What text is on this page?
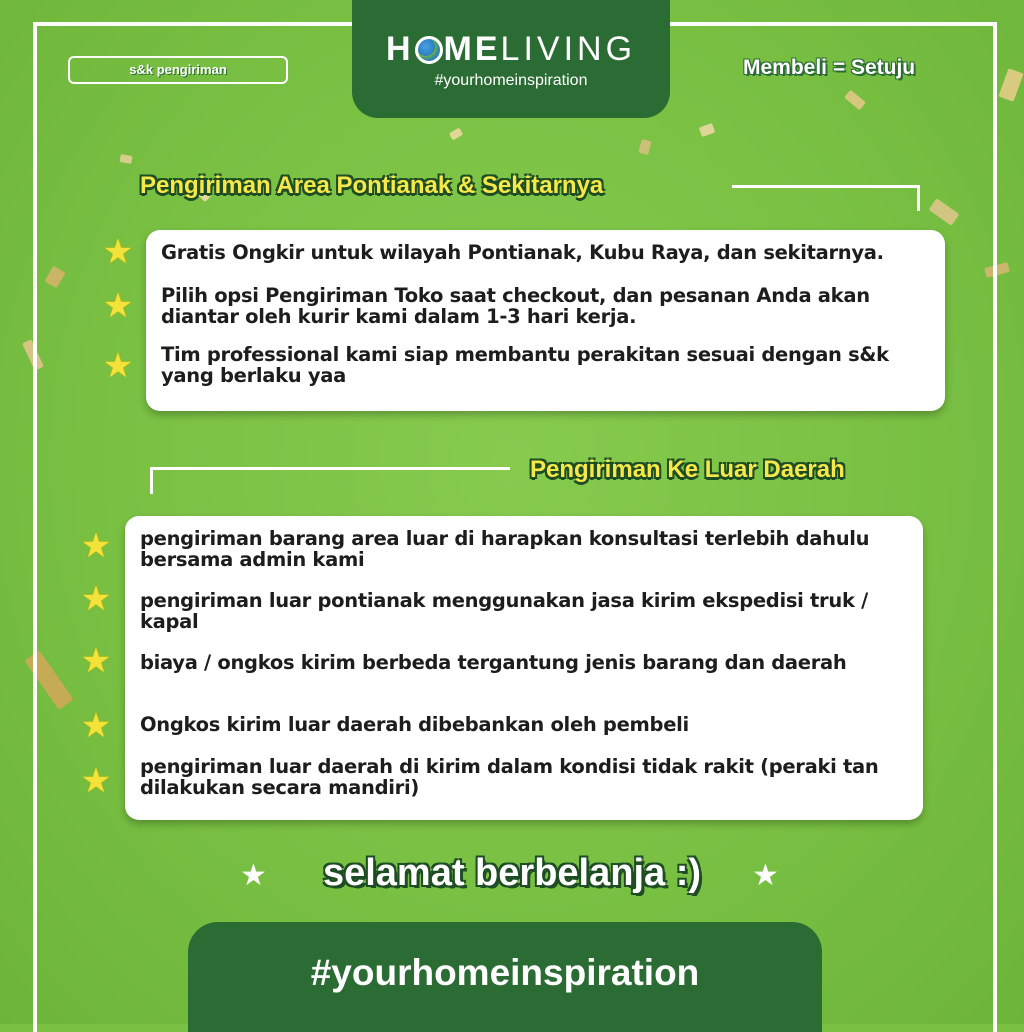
H MELIVING
#yourhomeinspiration
s&k pengiriman	Membeli = Setuju
Pengiriman Area Pontianak & Sekitarnya
Gratis Ongkir untuk wilayah Pontianak, Kubu Raya, dan sekitarnya.
Pilih opsi Pengiriman Toko saat checkout, dan pesanan Anda akan diantar oleh kurir kami dalam 1-3 hari kerja.
Tim professional kami siap membantu perakitan sesuai dengan s&k yang berlaku yaa
★
★
★
Pengiriman Ke Luar Daerah
pengiriman barang area luar di harapkan konsultasi terlebih dahulu bersama admin kami
pengiriman luar pontianak menggunakan jasa kirim ekspedisi truk / kapal
biaya / ongkos kirim berbeda tergantung jenis barang dan daerah
Ongkos kirim luar daerah dibebankan oleh pembeli
pengiriman luar daerah di kirim dalam kondisi tidak rakit (peraki tan dilakukan secara mandiri)
★
★
★
★
★
★	selamat berbelanja :)	★
#yourhomeinspiration
